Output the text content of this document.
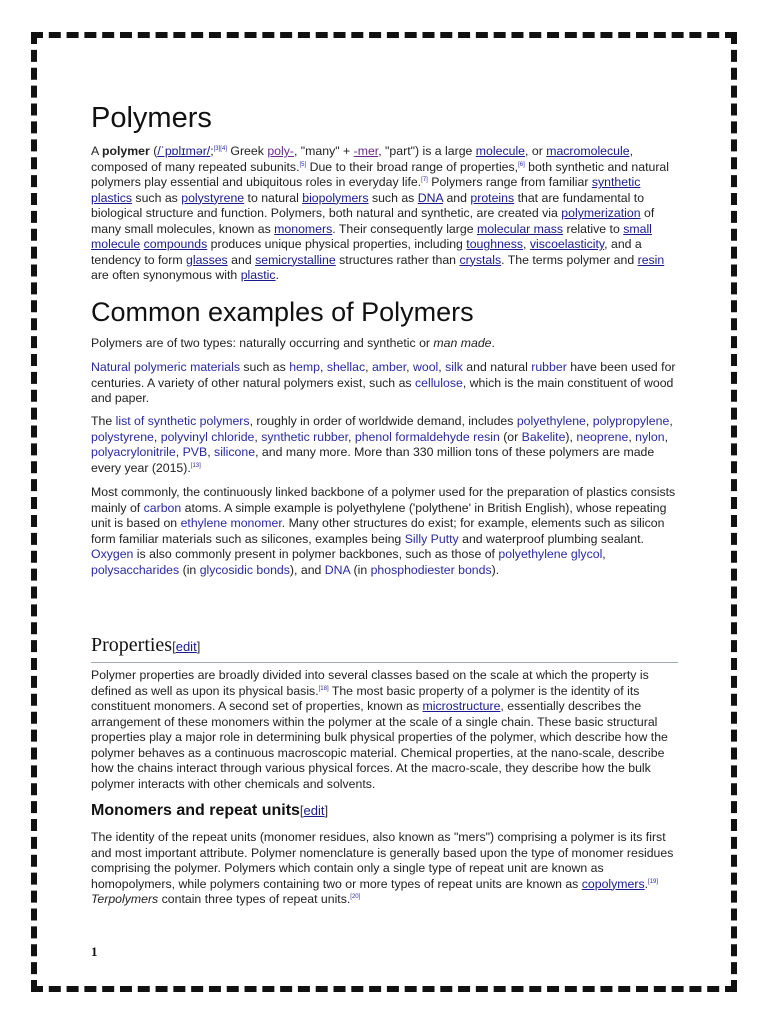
Polymers

A polymer (/ˈpɒlɪmər/;[3][4] Greek poly-, "many" + -mer, "part") is a large molecule, or macromolecule, composed of many repeated subunits.[5] Due to their broad range of properties,[6] both synthetic and natural polymers play essential and ubiquitous roles in everyday life.[7] Polymers range from familiar synthetic plastics such as polystyrene to natural biopolymers such as DNA and proteins that are fundamental to biological structure and function. Polymers, both natural and synthetic, are created via polymerization of many small molecules, known as monomers. Their consequently large molecular mass relative to small molecule compounds produces unique physical properties, including toughness, viscoelasticity, and a tendency to form glasses and semicrystalline structures rather than crystals. The terms polymer and resin are often synonymous with plastic.

Common examples of Polymers

Polymers are of two types: naturally occurring and synthetic or man made.

Natural polymeric materials such as hemp, shellac, amber, wool, silk and natural rubber have been used for centuries. A variety of other natural polymers exist, such as cellulose, which is the main constituent of wood and paper.

The list of synthetic polymers, roughly in order of worldwide demand, includes polyethylene, polypropylene, polystyrene, polyvinyl chloride, synthetic rubber, phenol formaldehyde resin (or Bakelite), neoprene, nylon, polyacrylonitrile, PVB, silicone, and many more. More than 330 million tons of these polymers are made every year (2015).[13]

Most commonly, the continuously linked backbone of a polymer used for the preparation of plastics consists mainly of carbon atoms. A simple example is polyethylene ('polythene' in British English), whose repeating unit is based on ethylene monomer. Many other structures do exist; for example, elements such as silicon form familiar materials such as silicones, examples being Silly Putty and waterproof plumbing sealant. Oxygen is also commonly present in polymer backbones, such as those of polyethylene glycol, polysaccharides (in glycosidic bonds), and DNA (in phosphodiester bonds).

Properties[edit]

Polymer properties are broadly divided into several classes based on the scale at which the property is defined as well as upon its physical basis.[18] The most basic property of a polymer is the identity of its constituent monomers. A second set of properties, known as microstructure, essentially describes the arrangement of these monomers within the polymer at the scale of a single chain. These basic structural properties play a major role in determining bulk physical properties of the polymer, which describe how the polymer behaves as a continuous macroscopic material. Chemical properties, at the nano-scale, describe how the chains interact through various physical forces. At the macro-scale, they describe how the bulk polymer interacts with other chemicals and solvents.

Monomers and repeat units[edit]

The identity of the repeat units (monomer residues, also known as "mers") comprising a polymer is its first and most important attribute. Polymer nomenclature is generally based upon the type of monomer residues comprising the polymer. Polymers which contain only a single type of repeat unit are known as homopolymers, while polymers containing two or more types of repeat units are known as copolymers.[19] Terpolymers contain three types of repeat units.[20]

1
